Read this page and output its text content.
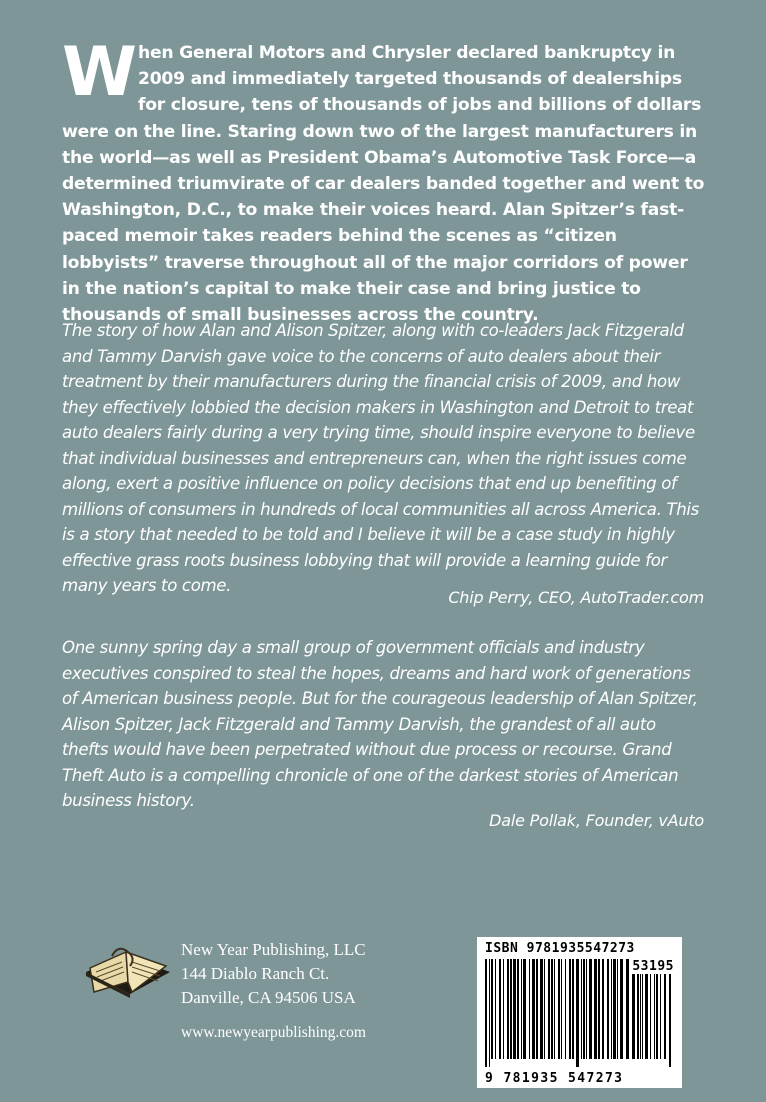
When General Motors and Chrysler declared bankruptcy in 2009 and immediately targeted thousands of dealerships for closure, tens of thousands of jobs and billions of dollars were on the line. Staring down two of the largest manufacturers in the world—as well as President Obama’s Automotive Task Force—a determined triumvirate of car dealers banded together and went to Washington, D.C., to make their voices heard. Alan Spitzer’s fast-paced memoir takes readers behind the scenes as “citizen lobbyists” traverse throughout all of the major corridors of power in the nation’s capital to make their case and bring justice to thousands of small businesses across the country.

The story of how Alan and Alison Spitzer, along with co-leaders Jack Fitzgerald and Tammy Darvish gave voice to the concerns of auto dealers about their treatment by their manufacturers during the financial crisis of 2009, and how they effectively lobbied the decision makers in Washington and Detroit to treat auto dealers fairly during a very trying time, should inspire everyone to believe that individual businesses and entrepreneurs can, when the right issues come along, exert a positive influence on policy decisions that end up benefiting of millions of consumers in hundreds of local communities all across America. This is a story that needed to be told and I believe it will be a case study in highly effective grass roots business lobbying that will provide a learning guide for many years to come.

Chip Perry, CEO, AutoTrader.com

One sunny spring day a small group of government officials and industry executives conspired to steal the hopes, dreams and hard work of generations of American business people. But for the courageous leadership of Alan Spitzer, Alison Spitzer, Jack Fitzgerald and Tammy Darvish, the grandest of all auto thefts would have been perpetrated without due process or recourse. Grand Theft Auto is a compelling chronicle of one of the darkest stories of American business history.

Dale Pollak, Founder, vAuto
New Year Publishing, LLC
144 Diablo Ranch Ct.
Danville, CA 94506 USA
www.newyearpublishing.com
ISBN 9781935547273
53195
9 781935 547273
